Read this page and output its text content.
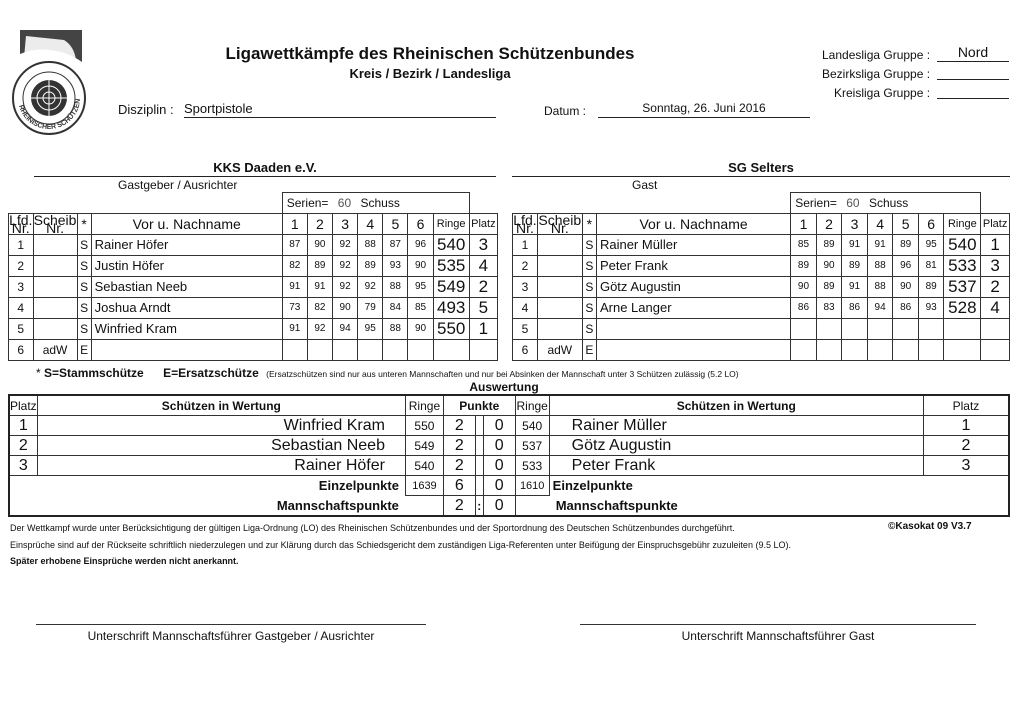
RHEINISCHER SCHÜTZEN
Ligawettkämpfe des Rheinischen Schützenbundes
Kreis / Bezirk / Landesliga
Disziplin : Sportpistole	Datum :	Sonntag, 26. Juni 2016
Landesliga Gruppe :	Nord
Bezirksliga Gruppe :
Kreisliga Gruppe :
KKS Daaden e.V.
Gastgeber / Ausrichter
SG Selters
Gast
				Serien= 60 Schuss							
Lfd. Nr.	Scheib Nr.	*	Vor u. Nachname	1	2	3	4	5	6	Ringe	Platz
1		S	Rainer Höfer	87	90	92	88	87	96	540	3
2		S	Justin Höfer	82	89	92	89	93	90	535	4
3		S	Sebastian Neeb	91	91	92	92	88	95	549	2
4		S	Joshua Arndt	73	82	90	79	84	85	493	5
5		S	Winfried Kram	91	92	94	95	88	90	550	1
6	adW	E									
				Serien= 60 Schuss							
Lfd. Nr.	Scheib Nr.	*	Vor u. Nachname	1	2	3	4	5	6	Ringe	Platz
1		S	Rainer Müller	85	89	91	91	89	95	540	1
2		S	Peter Frank	89	90	89	88	96	81	533	3
3		S	Götz Augustin	90	89	91	88	90	89	537	2
4		S	Arne Langer	86	83	86	94	86	93	528	4
5		S									
6	adW	E									
* S=Stammschütze E=Ersatzschütze (Ersatzschützen sind nur aus unteren Mannschaften und nur bei Absinken der Mannschaft unter 3 Schützen zulässig (5.2 LO)
Auswertung
Platz	Schützen in Wertung	Ringe	Punkte			Ringe	Schützen in Wertung	Platz
1	Winfried Kram	550	2		0	540	Rainer Müller	1
2	Sebastian Neeb	549	2		0	537	Götz Augustin	2
3	Rainer Höfer	540	2		0	533	Peter Frank	3
	Einzelpunkte	1639	6		0	1610	Einzelpunkte	
	Mannschaftspunkte		2	:	0	Mannschaftspunkte		
Der Wettkampf wurde unter Berücksichtigung der gültigen Liga-Ordnung (LO) des Rheinischen Schützenbundes und der Sportordnung des Deutschen Schützenbundes durchgeführt.	©Kasokat 09 V3.7
Einsprüche sind auf der Rückseite schriftlich niederzulegen und zur Klärung durch das Schiedsgericht dem zuständigen Liga-Referenten unter Beifügung der Einspruchsgebühr zuzuleiten (9.5 LO).
Später erhobene Einsprüche werden nicht anerkannt.
Unterschrift Mannschaftsführer Gastgeber / Ausrichter	Unterschrift Mannschaftsführer Gast
